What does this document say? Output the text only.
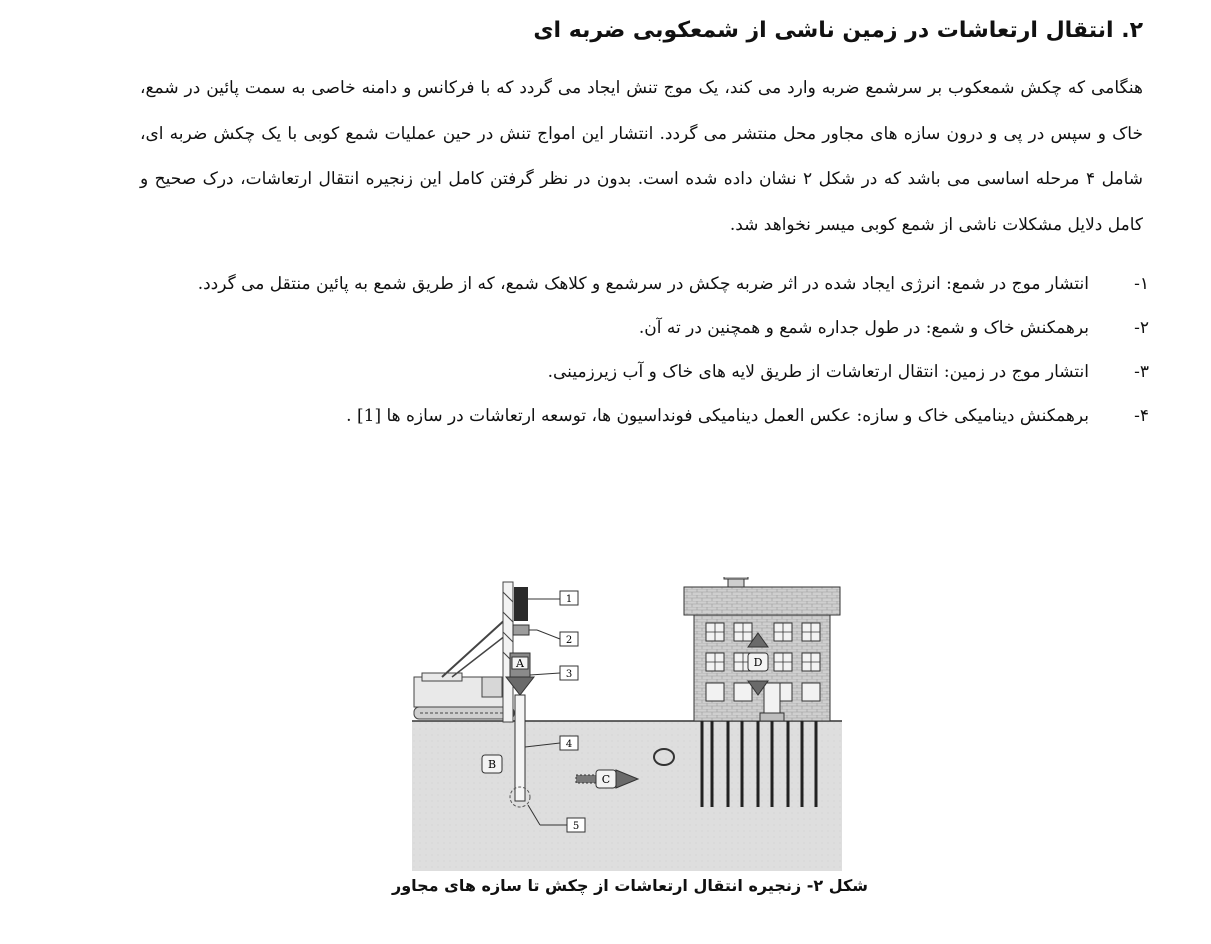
۲. انتقال ارتعاشات در زمین ناشی از شمعکوبی ضربه ای
هنگامی که چکش شمعکوب بر سرشمع ضربه وارد می کند، یک موج تنش ایجاد می گردد که با فرکانس و دامنه خاصی به سمت پائین در شمع، خاک و سپس در پی و درون سازه های مجاور محل منتشر می گردد. انتشار این امواج تنش در حین عملیات شمع کوبی با یک چکش ضربه ای، شامل ۴ مرحله اساسی می باشد که در شکل ۲ نشان داده شده است. بدون در نظر گرفتن کامل این زنجیره انتقال ارتعاشات، درک صحیح و کامل دلایل مشکلات ناشی از شمع کوبی میسر نخواهد شد.
۱-
انتشار موج در شمع: انرژی ایجاد شده در اثر ضربه چکش در سرشمع و کلاهک شمع، که از طریق شمع به پائین منتقل می گردد.
۲-
برهمکنش خاک و شمع: در طول جداره شمع و همچنین در ته آن.
۳-
انتشار موج در زمین: انتقال ارتعاشات از طریق لایه های خاک و آب زیرزمینی.
۴-
برهمکنش دینامیکی خاک و سازه: عکس العمل دینامیکی فونداسیون ها، توسعه ارتعاشات در سازه ها [1] .
A
B
C
1
2
3
4
5
D
شکل ۲- زنجیره انتقال ارتعاشات از چکش تا سازه های مجاور
